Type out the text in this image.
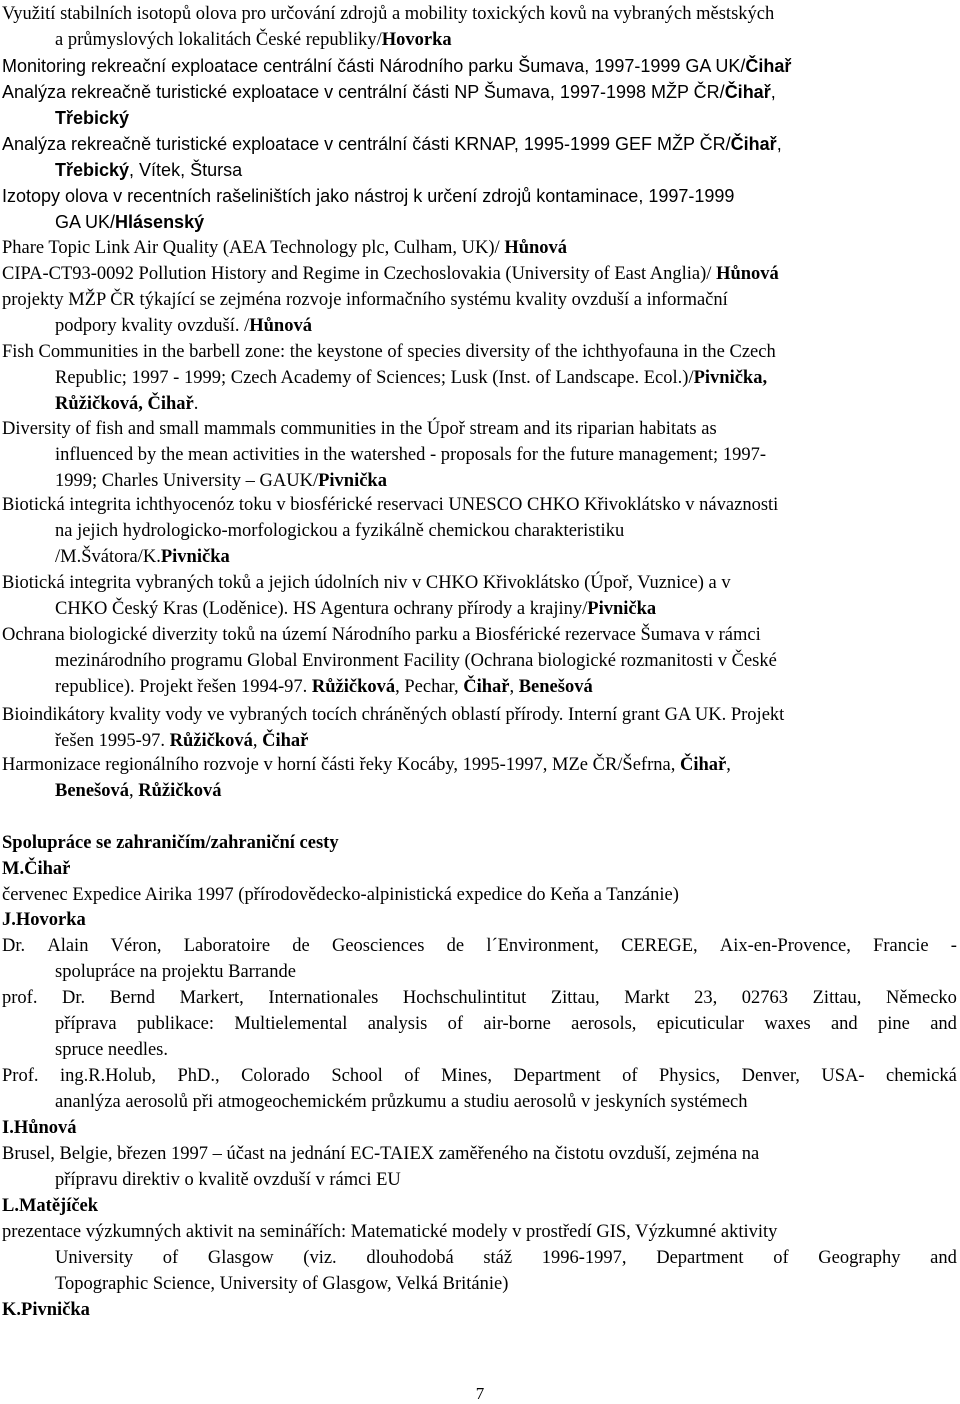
Využití stabilních isotopů olova pro určování zdrojů a mobility toxických kovů na vybraných městských
a průmyslových lokalitách České republiky/Hovorka
Monitoring rekreační exploatace centrální části Národního parku Šumava, 1997-1999 GA UK/Čihař
Analýza rekreačně turistické exploatace v centrální části NP Šumava, 1997-1998 MŽP ČR/Čihař,
Třebický
Analýza rekreačně turistické exploatace v centrální části KRNAP, 1995-1999 GEF MŽP ČR/Čihař,
Třebický, Vítek, Štursa
Izotopy olova v recentních rašeliništích jako nástroj k určení zdrojů kontaminace, 1997-1999
GA UK/Hlásenský
Phare Topic Link Air Quality (AEA Technology plc, Culham, UK)/ Hůnová
CIPA-CT93-0092 Pollution History and Regime in Czechoslovakia (University of East Anglia)/ Hůnová
projekty MŽP ČR týkající se zejména rozvoje informačního systému kvality ovzduší a informační
podpory kvality ovzduší. /Hůnová
Fish Communities in the barbell zone: the keystone of species diversity of the ichthyofauna in the Czech
Republic; 1997 - 1999; Czech Academy of Sciences; Lusk (Inst. of Landscape. Ecol.)/Pivnička,
Růžičková, Čihař.
Diversity of fish and small mammals communities in the Úpoř stream and its riparian habitats as
influenced by the mean activities in the watershed - proposals for the future management; 1997-
1999; Charles University – GAUK/Pivnička
Biotická integrita ichthyocenóz toku v biosférické reservaci UNESCO CHKO Křivoklátsko v návaznosti
na jejich hydrologicko-morfologickou a fyzikálně chemickou charakteristiku
/M.Švátora/K.Pivnička
Biotická integrita vybraných toků a jejich údolních niv v CHKO Křivoklátsko (Úpoř, Vuznice) a v
CHKO Český Kras (Loděnice). HS Agentura ochrany přírody a krajiny/Pivnička
Ochrana biologické diverzity toků na území Národního parku a Biosférické rezervace Šumava v rámci
mezinárodního programu Global Environment Facility (Ochrana biologické rozmanitosti v České
republice). Projekt řešen 1994-97. Růžičková, Pechar, Čihař, Benešová
Bioindikátory kvality vody ve vybraných tocích chráněných oblastí přírody. Interní grant GA UK. Projekt
řešen 1995-97. Růžičková, Čihař
Harmonizace regionálního rozvoje v horní části řeky Kocáby, 1995-1997, MZe ČR/Šefrna, Čihař,
Benešová, Růžičková
Spolupráce se zahraničím/zahraniční cesty
M.Čihař
červenec Expedice Airika 1997 (přírodovědecko-alpinistická expedice do Keňa a Tanzánie)
J.Hovorka
Dr. Alain Véron, Laboratoire de Geosciences de l´Environment, CEREGE, Aix-en-Provence, Francie -
spolupráce na projektu Barrande
prof. Dr. Bernd Markert, Internationales Hochschulintitut Zittau, Markt 23, 02763 Zittau, Německo
příprava publikace: Multielemental analysis of air-borne aerosols, epicuticular waxes and pine and
spruce needles.
Prof. ing.R.Holub, PhD., Colorado School of Mines, Department of Physics, Denver, USA- chemická
ananlýza aerosolů při atmogeochemickém průzkumu a studiu aerosolů v jeskyních systémech
I.Hůnová
Brusel, Belgie, březen 1997 – účast na jednání EC-TAIEX zaměřeného na čistotu ovzduší, zejména na
přípravu direktiv o kvalitě ovzduší v rámci EU
L.Matějíček
prezentace výzkumných aktivit na seminářích: Matematické modely v prostředí GIS, Výzkumné aktivity
University of Glasgow (viz. dlouhodobá stáž 1996-1997, Department of Geography and
Topographic Science, University of Glasgow, Velká Británie)
K.Pivnička
7
